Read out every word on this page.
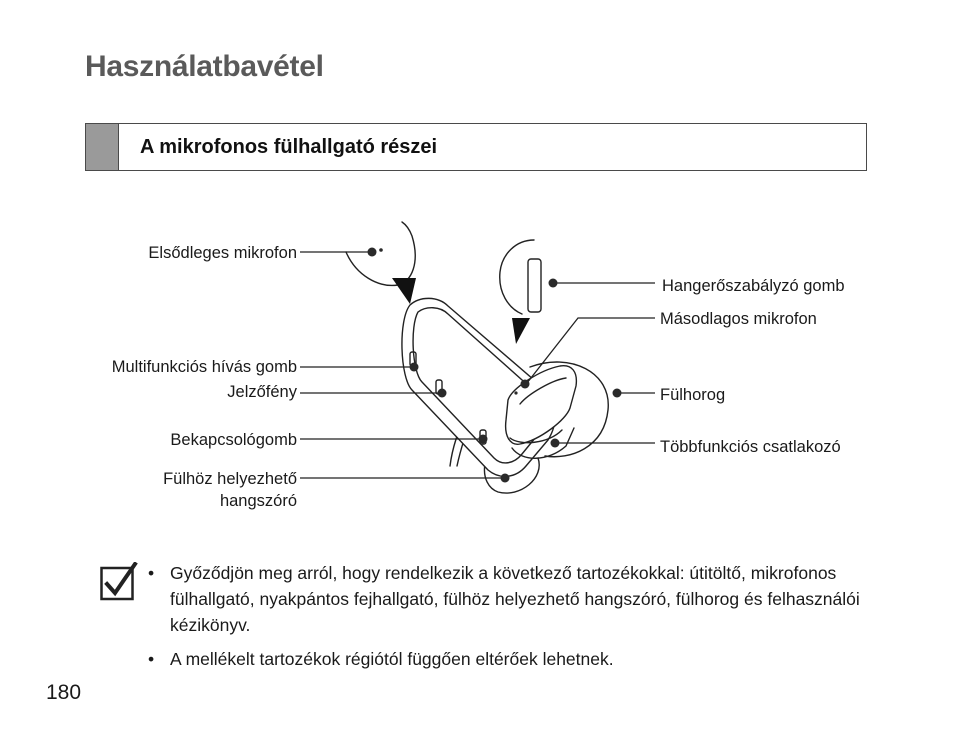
Használatbavétel
A mikrofonos fülhallgató részei
Elsődleges mikrofon
Multifunkciós hívás gomb
Jelzőfény
Bekapcsológomb
Fülhöz helyezhető
hangszóró
Hangerőszabályzó gomb
Másodlagos mikrofon
Fülhorog
Többfunkciós csatlakozó
• Győződjön meg arról, hogy rendelkezik a következő tartozékokkal: útitöltő, mikrofonos fülhallgató, nyakpántos fejhallgató, fülhöz helyezhető hangszóró, fülhorog és felhasználói kézikönyv.
• A mellékelt tartozékok régiótól függően eltérőek lehetnek.
180
